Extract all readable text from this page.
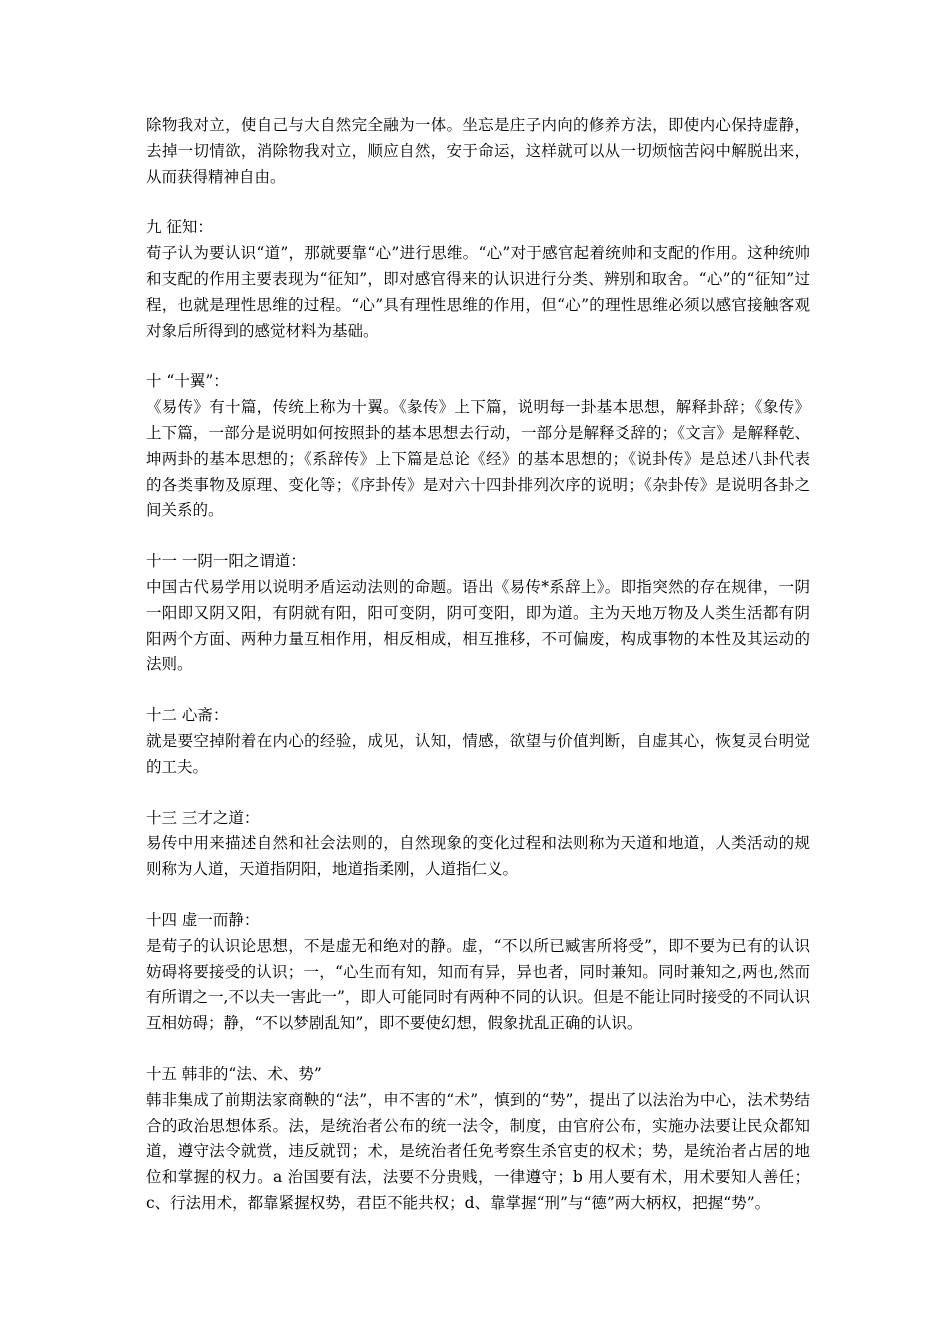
除物我对立，使自己与大自然完全融为一体。坐忘是庄子内向的修养方法，即使内心保持虚静，去掉一切情欲，消除物我对立，顺应自然，安于命运，这样就可以从一切烦恼苦闷中解脱出来，从而获得精神自由。

九 征知：

荀子认为要认识“道”，那就要靠“心”进行思维。“心”对于感官起着统帅和支配的作用。这种统帅和支配的作用主要表现为“征知”，即对感官得来的认识进行分类、辨别和取舍。“心”的“征知”过程，也就是理性思维的过程。“心”具有理性思维的作用，但“心”的理性思维必须以感官接触客观对象后所得到的感觉材料为基础。

十 “十翼”：

《易传》有十篇，传统上称为十翼。《彖传》上下篇，说明每一卦基本思想，解释卦辞；《象传》上下篇，一部分是说明如何按照卦的基本思想去行动，一部分是解释爻辞的；《文言》是解释乾、坤两卦的基本思想的；《系辞传》上下篇是总论《经》的基本思想的；《说卦传》是总述八卦代表的各类事物及原理、变化等；《序卦传》是对六十四卦排列次序的说明；《杂卦传》是说明各卦之间关系的。

十一 一阴一阳之谓道：

中国古代易学用以说明矛盾运动法则的命题。语出《易传*系辞上》。即指突然的存在规律，一阴一阳即又阴又阳，有阴就有阳，阳可变阴，阴可变阳，即为道。主为天地万物及人类生活都有阴阳两个方面、两种力量互相作用，相反相成，相互推移，不可偏废，构成事物的本性及其运动的法则。

十二 心斋：

就是要空掉附着在内心的经验，成见，认知，情感，欲望与价值判断，自虚其心，恢复灵台明觉的工夫。

十三 三才之道：

易传中用来描述自然和社会法则的，自然现象的变化过程和法则称为天道和地道，人类活动的规则称为人道，天道指阴阳，地道指柔刚，人道指仁义。

十四 虚一而静：

是荀子的认识论思想，不是虚无和绝对的静。虚，“不以所已臧害所将受”，即不要为已有的认识妨碍将要接受的认识；一，“心生而有知，知而有异，异也者，同时兼知。同时兼知之,两也,然而有所谓之一,不以夫一害此一”，即人可能同时有两种不同的认识。但是不能让同时接受的不同认识互相妨碍；静，“不以梦剧乱知”，即不要使幻想，假象扰乱正确的认识。

十五 韩非的“法、术、势”

韩非集成了前期法家商鞅的“法”，申不害的“术”，慎到的“势”，提出了以法治为中心，法术势结合的政治思想体系。法，是统治者公布的统一法令，制度，由官府公布，实施办法要让民众都知道，遵守法令就赏，违反就罚；术，是统治者任免考察生杀官吏的权术；势，是统治者占居的地位和掌握的权力。a 治国要有法，法要不分贵贱，一律遵守；b 用人要有术，用术要知人善任；c、行法用术，都靠紧握权势，君臣不能共权；d、靠掌握“刑”与“德”两大柄权，把握“势”。
